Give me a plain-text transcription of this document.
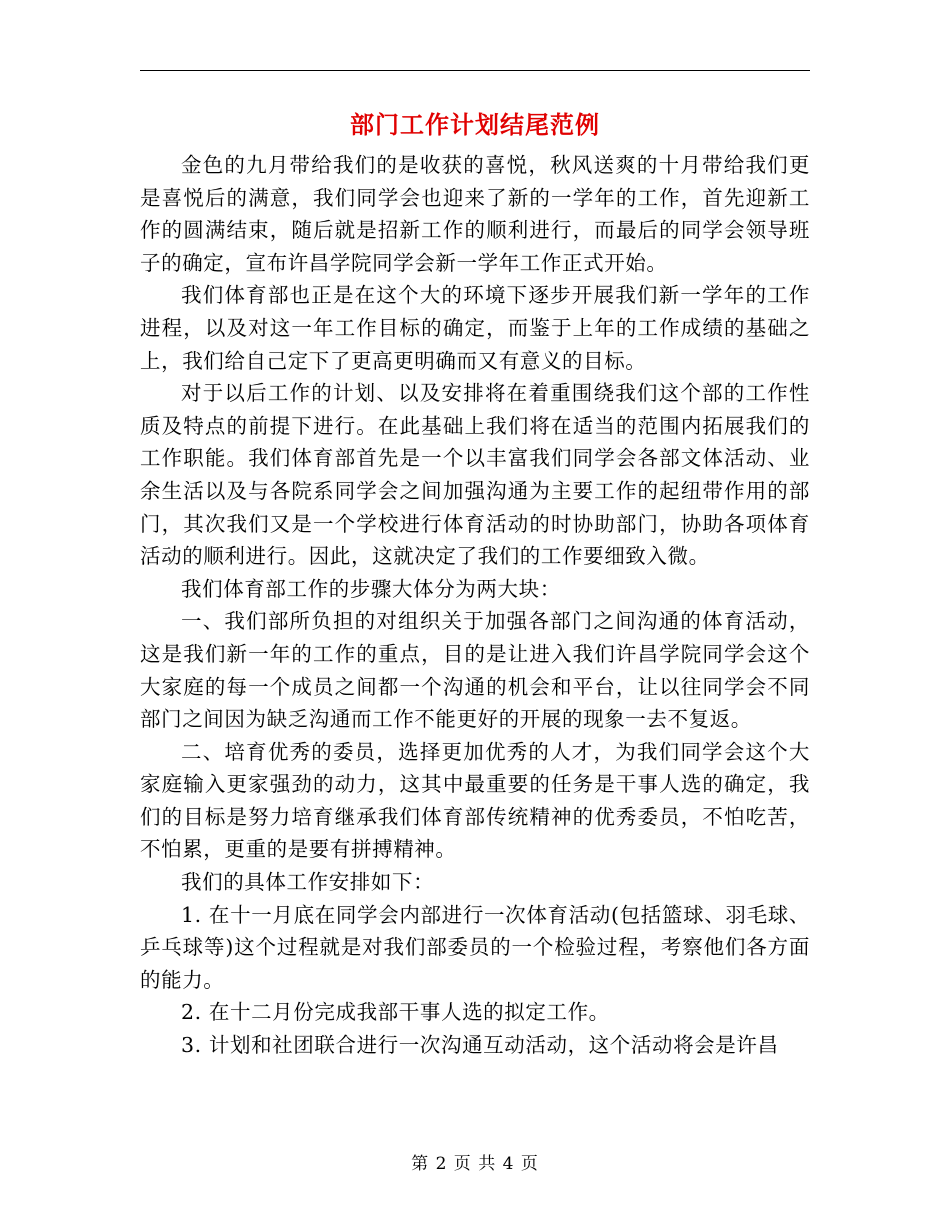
部门工作计划结尾范例

金色的九月带给我们的是收获的喜悦，秋风送爽的十月带给我们更是喜悦后的满意，我们同学会也迎来了新的一学年的工作，首先迎新工作的圆满结束，随后就是招新工作的顺利进行，而最后的同学会领导班子的确定，宣布许昌学院同学会新一学年工作正式开始。

我们体育部也正是在这个大的环境下逐步开展我们新一学年的工作进程，以及对这一年工作目标的确定，而鉴于上年的工作成绩的基础之上，我们给自己定下了更高更明确而又有意义的目标。

对于以后工作的计划、以及安排将在着重围绕我们这个部的工作性质及特点的前提下进行。在此基础上我们将在适当的范围内拓展我们的工作职能。我们体育部首先是一个以丰富我们同学会各部文体活动、业余生活以及与各院系同学会之间加强沟通为主要工作的起纽带作用的部门，其次我们又是一个学校进行体育活动的时协助部门，协助各项体育活动的顺利进行。因此，这就决定了我们的工作要细致入微。

我们体育部工作的步骤大体分为两大块：

一、我们部所负担的对组织关于加强各部门之间沟通的体育活动，这是我们新一年的工作的重点，目的是让进入我们许昌学院同学会这个大家庭的每一个成员之间都一个沟通的机会和平台，让以往同学会不同部门之间因为缺乏沟通而工作不能更好的开展的现象一去不复返。

二、培育优秀的委员，选择更加优秀的人才，为我们同学会这个大家庭输入更家强劲的动力，这其中最重要的任务是干事人选的确定，我们的目标是努力培育继承我们体育部传统精神的优秀委员，不怕吃苦，不怕累，更重的是要有拼搏精神。

我们的具体工作安排如下：

1. 在十一月底在同学会内部进行一次体育活动(包括篮球、羽毛球、乒乓球等)这个过程就是对我们部委员的一个检验过程，考察他们各方面的能力。

2. 在十二月份完成我部干事人选的拟定工作。

3. 计划和社团联合进行一次沟通互动活动，这个活动将会是许昌

第 2 页 共 4 页
